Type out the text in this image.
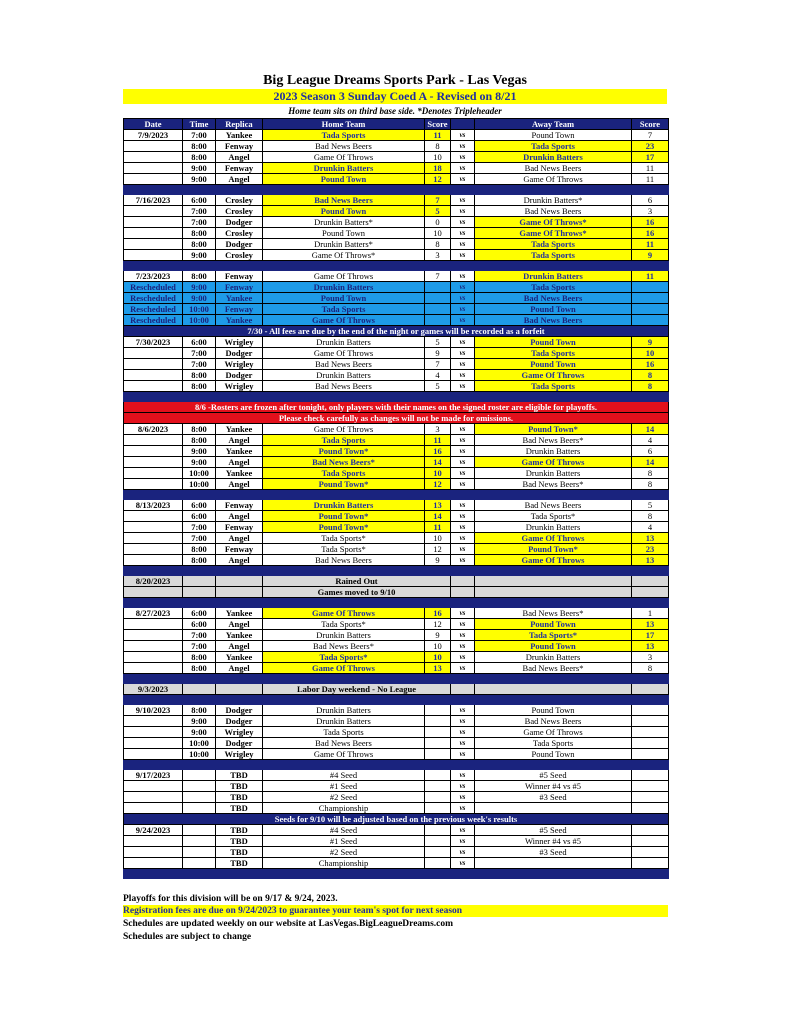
Big League Dreams Sports Park - Las Vegas
2023 Season 3 Sunday Coed A - Revised on 8/21
Home team sits on third base side. *Denotes Tripleheader
Date	Time	Replica	Home Team	Score		Away Team	Score
7/9/2023	7:00	Yankee	Tada Sports	11	vs	Pound Town	7
	8:00	Fenway	Bad News Beers	8	vs	Tada Sports	23
	8:00	Angel	Game Of Throws	10	vs	Drunkin Batters	17
	9:00	Fenway	Drunkin Batters	18	vs	Bad News Beers	11
	9:00	Angel	Pound Town	12	vs	Game Of Throws	11

7/16/2023	6:00	Crosley	Bad News Beers	7	vs	Drunkin Batters*	6
	7:00	Crosley	Pound Town	5	vs	Bad News Beers	3
	7:00	Dodger	Drunkin Batters*	0	vs	Game Of Throws*	16
	8:00	Crosley	Pound Town	10	vs	Game Of Throws*	16
	8:00	Dodger	Drunkin Batters*	8	vs	Tada Sports	11
	9:00	Crosley	Game Of Throws*	3	vs	Tada Sports	9

7/23/2023	8:00	Fenway	Game Of Throws	7	vs	Drunkin Batters	11
Rescheduled	9:00	Fenway	Drunkin Batters		vs	Tada Sports	
Rescheduled	9:00	Yankee	Pound Town		vs	Bad News Beers	
Rescheduled	10:00	Fenway	Tada Sports		vs	Pound Town	
Rescheduled	10:00	Yankee	Game Of Throws		vs	Bad News Beers	
7/30 - All fees are due by the end of the night or games will be recorded as a forfeit							
7/30/2023	6:00	Wrigley	Drunkin Batters	5	vs	Pound Town	9
	7:00	Dodger	Game Of Throws	9	vs	Tada Sports	10
	7:00	Wrigley	Bad News Beers	7	vs	Pound Town	16
	8:00	Dodger	Drunkin Batters	4	vs	Game Of Throws	8
	8:00	Wrigley	Bad News Beers	5	vs	Tada Sports	8

8/6 -Rosters are frozen after tonight, only players with their names on the signed roster are eligible for playoffs.							
Please check carefully as changes will not be made for omissions.							
8/6/2023	8:00	Yankee	Game Of Throws	3	vs	Pound Town*	14
	8:00	Angel	Tada Sports	11	vs	Bad News Beers*	4
	9:00	Yankee	Pound Town*	16	vs	Drunkin Batters	6
	9:00	Angel	Bad News Beers*	14	vs	Game Of Throws	14
	10:00	Yankee	Tada Sports	10	vs	Drunkin Batters	8
	10:00	Angel	Pound Town*	12	vs	Bad News Beers*	8

8/13/2023	6:00	Fenway	Drunkin Batters	13	vs	Bad News Beers	5
	6:00	Angel	Pound Town*	14	vs	Tada Sports*	8
	7:00	Fenway	Pound Town*	11	vs	Drunkin Batters	4
	7:00	Angel	Tada Sports*	10	vs	Game Of Throws	13
	8:00	Fenway	Tada Sports*	12	vs	Pound Town*	23
	8:00	Angel	Bad News Beers	9	vs	Game Of Throws	13

8/20/2023			Rained Out				
			Games moved to 9/10				

8/27/2023	6:00	Yankee	Game Of Throws	16	vs	Bad News Beers*	1
	6:00	Angel	Tada Sports*	12	vs	Pound Town	13
	7:00	Yankee	Drunkin Batters	9	vs	Tada Sports*	17
	7:00	Angel	Bad News Beers*	10	vs	Pound Town	13
	8:00	Yankee	Tada Sports*	10	vs	Drunkin Batters	3
	8:00	Angel	Game Of Throws	13	vs	Bad News Beers*	8

9/3/2023			Labor Day weekend - No League				

9/10/2023	8:00	Dodger	Drunkin Batters		vs	Pound Town	
	9:00	Dodger	Drunkin Batters		vs	Bad News Beers	
	9:00	Wrigley	Tada Sports		vs	Game Of Throws	
	10:00	Dodger	Bad News Beers		vs	Tada Sports	
	10:00	Wrigley	Game Of Throws		vs	Pound Town	

9/17/2023		TBD	#4 Seed		vs	#5 Seed	
		TBD	#1 Seed		vs	Winner #4 vs #5	
		TBD	#2 Seed		vs	#3 Seed	
		TBD	Championship		vs		
Seeds for 9/10 will be adjusted based on the previous week's results							
9/24/2023		TBD	#4 Seed		vs	#5 Seed	
		TBD	#1 Seed		vs	Winner #4 vs #5	
		TBD	#2 Seed		vs	#3 Seed	
		TBD	Championship		vs		

Playoffs for this division will be on 9/17 & 9/24, 2023.
Registration fees are due on 9/24/2023 to guarantee your team's spot for next season
Schedules are updated weekly on our website at LasVegas.BigLeagueDreams.com
Schedules are subject to change
